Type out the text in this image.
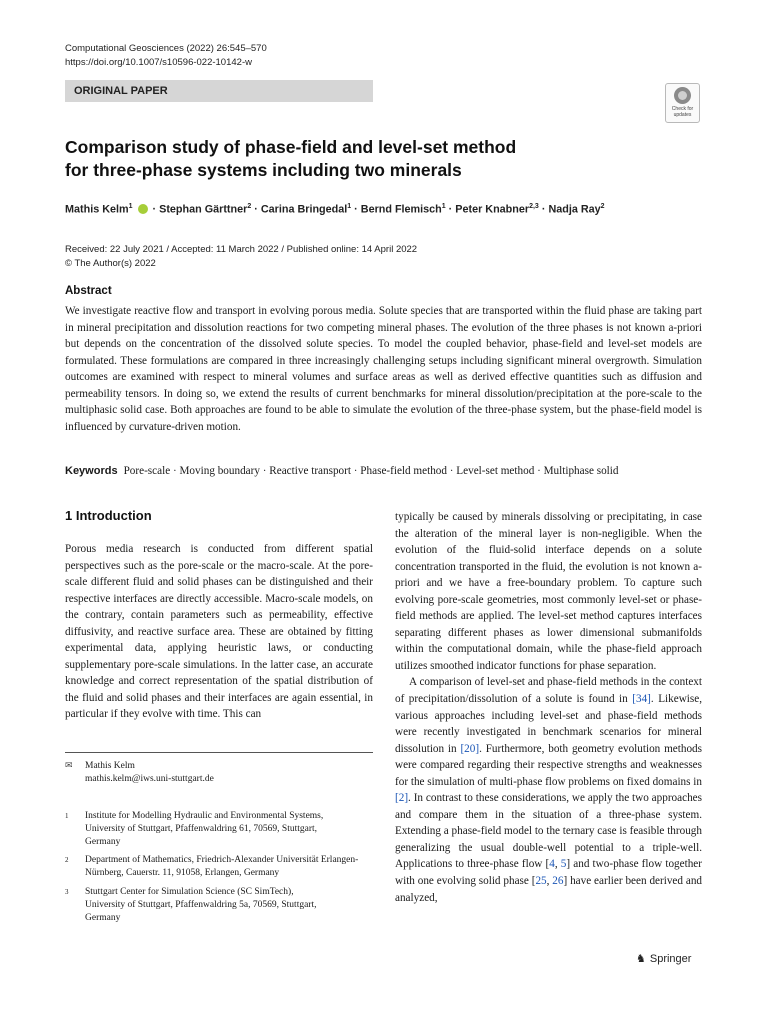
Computational Geosciences (2022) 26:545–570
https://doi.org/10.1007/s10596-022-10142-w
ORIGINAL PAPER
Check for
updates
Comparison study of phase-field and level-set method
for three-phase systems including two minerals
Mathis Kelm$^1$  · Stephan Gärttner$^2$ · Carina Bringedal$^1$ · Bernd Flemisch$^1$ · Peter Knabner$^{2,3}$ · Nadja Ray$^2$
Received: 22 July 2021 / Accepted: 11 March 2022 / Published online: 14 April 2022
© The Author(s) 2022
Abstract
We investigate reactive flow and transport in evolving porous media. Solute species that are transported within the fluid phase are taking part in mineral precipitation and dissolution reactions for two competing mineral phases. The evolution of the three phases is not known a-priori but depends on the concentration of the dissolved solute species. To model the coupled behavior, phase-field and level-set models are formulated. These formulations are compared in three increasingly challenging setups including significant mineral overgrowth. Simulation outcomes are examined with respect to mineral volumes and surface areas as well as derived effective quantities such as diffusion and permeability tensors. In doing so, we extend the results of current benchmarks for mineral dissolution/precipitation at the pore-scale to the multiphasic solid case. Both approaches are found to be able to simulate the evolution of the three-phase system, but the phase-field model is influenced by curvature-driven motion.
Keywords Pore-scale · Moving boundary · Reactive transport · Phase-field method · Level-set method · Multiphase solid
1 Introduction

Porous media research is conducted from different spatial perspectives such as the pore-scale or the macro-scale. At the pore-scale different fluid and solid phases can be distinguished and their respective interfaces are directly accessible. Macro-scale models, on the contrary, contain parameters such as permeability, effective diffusivity, and reactive surface area. These are obtained by fitting experimental data, applying heuristic laws, or conducting supplementary pore-scale simulations. In the latter case, an accurate knowledge and correct representation of the spatial distribution of the fluid and solid phases and their interfaces are again essential, in particular if they evolve with time. This can

typically be caused by minerals dissolving or precipitating, in case the alteration of the mineral layer is non-negligible. When the evolution of the fluid-solid interface depends on a solute concentration transported in the fluid, the evolution is not known a-priori and we have a free-boundary problem. To capture such evolving pore-scale geometries, most commonly level-set or phase-field methods are applied. The level-set method captures interfaces separating different phases as lower dimensional submanifolds within the computational domain, while the phase-field approach utilizes smoothed indicator functions for phase separation.

A comparison of level-set and phase-field methods in the context of precipitation/dissolution of a solute is found in [34]. Likewise, various approaches including level-set and phase-field methods were recently investigated in benchmark scenarios for mineral dissolution in [20]. Furthermore, both geometry evolution methods were compared regarding their respective strengths and weaknesses for the simulation of multi-phase flow problems on fixed domains in [2]. In contrast to these considerations, we apply the two approaches and compare them in the situation of a three-phase system. Extending a phase-field model to the ternary case is feasible through generalizing the usual double-well potential to a triple-well. Applications to three-phase flow [4, 5] and two-phase flow together with one evolving solid phase [25, 26] have earlier been derived and analyzed,

✉ Mathis Kelm
mathis.kelm@iws.uni-stuttgart.de
1 Institute for Modelling Hydraulic and Environmental Systems, University of Stuttgart, Pfaffenwaldring 61, 70569, Stuttgart, Germany
2 Department of Mathematics, Friedrich-Alexander Universität Erlangen-Nürnberg, Cauerstr. 11, 91058, Erlangen, Germany
3 Stuttgart Center for Simulation Science (SC SimTech), University of Stuttgart, Pfaffenwaldring 5a, 70569, Stuttgart, Germany
♞ Springer
